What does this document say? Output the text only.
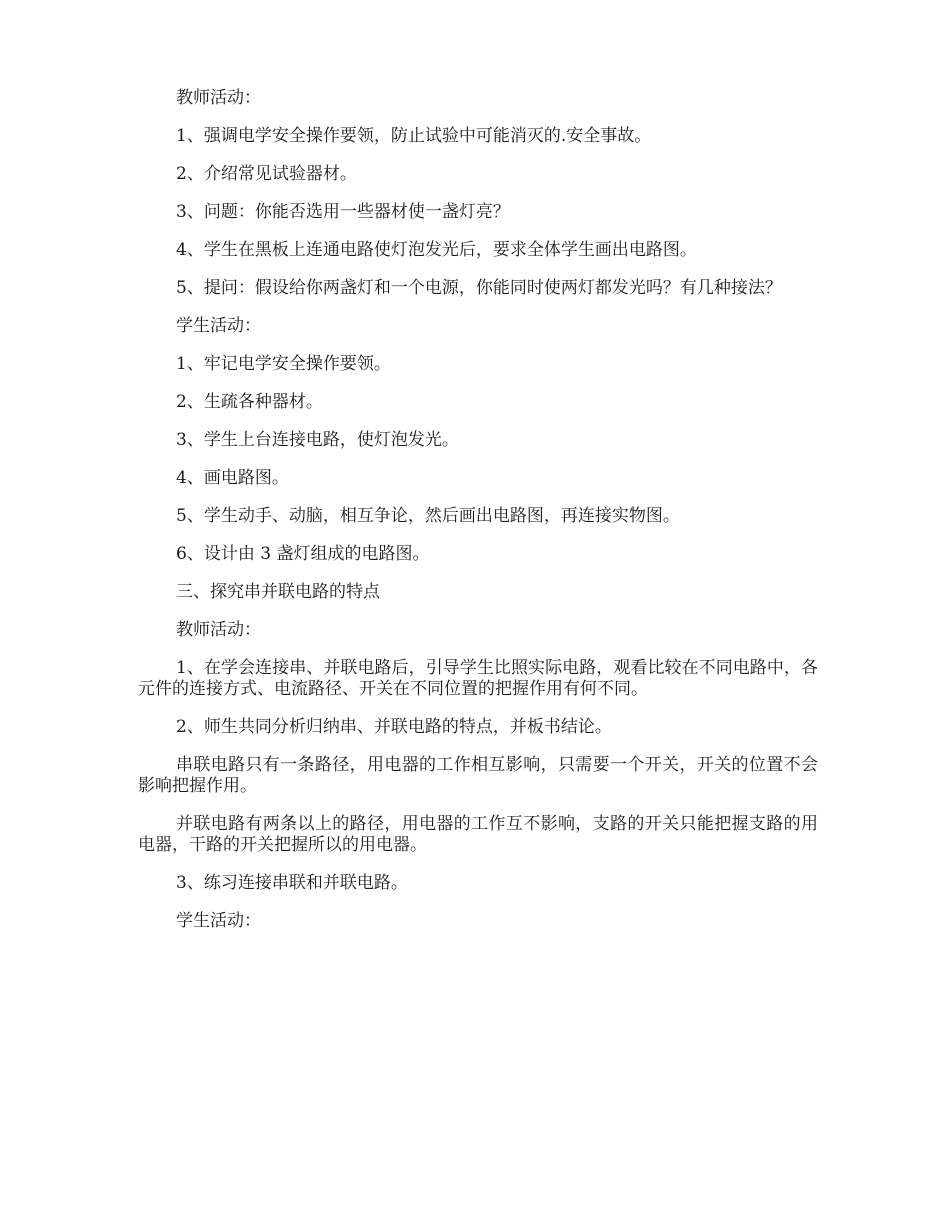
教师活动：

1、强调电学安全操作要领，防止试验中可能消灭的.安全事故。

2、介绍常见试验器材。

3、问题：你能否选用一些器材使一盏灯亮？

4、学生在黑板上连通电路使灯泡发光后，要求全体学生画出电路图。

5、提问：假设给你两盏灯和一个电源，你能同时使两灯都发光吗？有几种接法？

学生活动：

1、牢记电学安全操作要领。

2、生疏各种器材。

3、学生上台连接电路，使灯泡发光。

4、画电路图。

5、学生动手、动脑，相互争论，然后画出电路图，再连接实物图。

6、设计由 3 盏灯组成的电路图。

三、探究串并联电路的特点

教师活动：

1、在学会连接串、并联电路后，引导学生比照实际电路，观看比较在不同电路中，各元件的连接方式、电流路径、开关在不同位置的把握作用有何不同。

2、师生共同分析归纳串、并联电路的特点，并板书结论。

串联电路只有一条路径，用电器的工作相互影响，只需要一个开关，开关的位置不会影响把握作用。

并联电路有两条以上的路径，用电器的工作互不影响，支路的开关只能把握支路的用电器，干路的开关把握所以的用电器。

3、练习连接串联和并联电路。

学生活动：
